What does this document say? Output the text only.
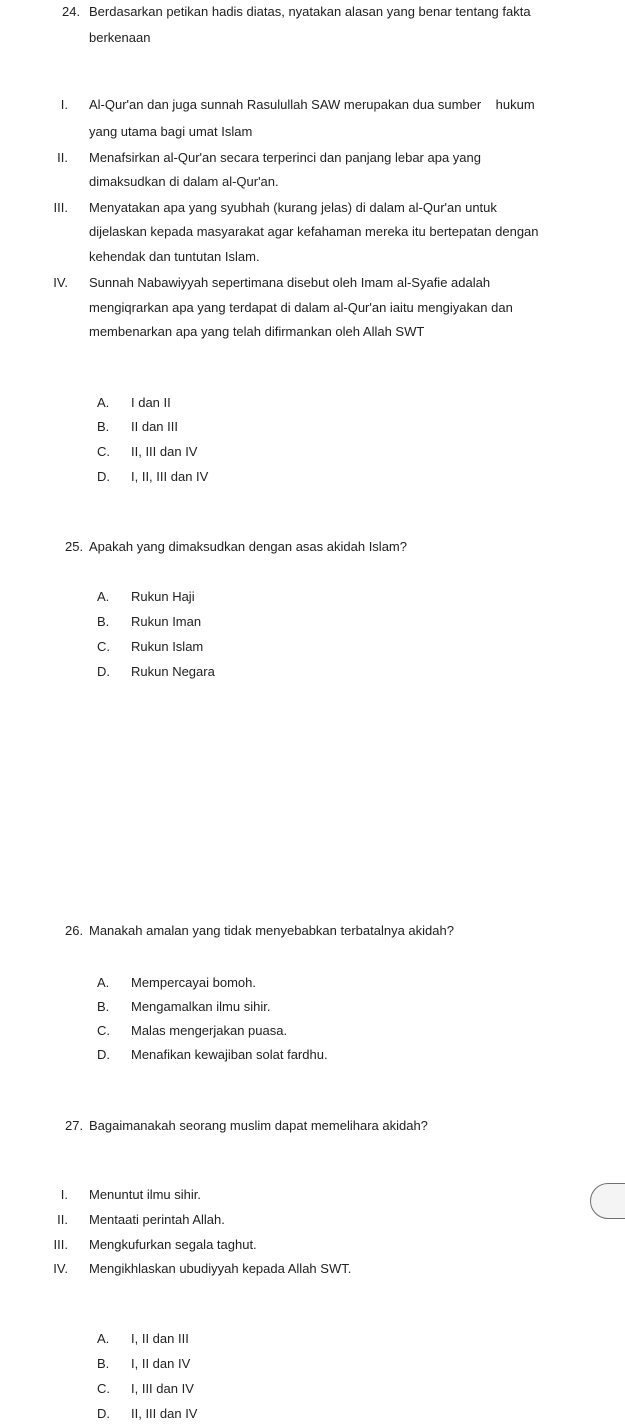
24. Berdasarkan petikan hadis diatas, nyatakan alasan yang benar tentang fakta
berkenaan
I. Al-Qur'an dan juga sunnah Rasulullah SAW merupakan dua sumber    hukum
yang utama bagi umat Islam
II. Menafsirkan al-Qur'an secara terperinci dan panjang lebar apa yang
dimaksudkan di dalam al-Qur'an.
III. Menyatakan apa yang syubhah (kurang jelas) di dalam al-Qur'an untuk
dijelaskan kepada masyarakat agar kefahaman mereka itu bertepatan dengan
kehendak dan tuntutan Islam.
IV. Sunnah Nabawiyyah sepertimana disebut oleh Imam al-Syafie adalah
mengiqrarkan apa yang terdapat di dalam al-Qur'an iaitu mengiyakan dan
membenarkan apa yang telah difirmankan oleh Allah SWT
A. I dan II
B. II dan III
C. II, III dan IV
D. I, II, III dan IV
25. Apakah yang dimaksudkan dengan asas akidah Islam?
A. Rukun Haji
B. Rukun Iman
C. Rukun Islam
D. Rukun Negara
26. Manakah amalan yang tidak menyebabkan terbatalnya akidah?
A. Mempercayai bomoh.
B. Mengamalkan ilmu sihir.
C. Malas mengerjakan puasa.
D. Menafikan kewajiban solat fardhu.
27. Bagaimanakah seorang muslim dapat memelihara akidah?
I. Menuntut ilmu sihir.
II. Mentaati perintah Allah.
III. Mengkufurkan segala taghut.
IV. Mengikhlaskan ubudiyyah kepada Allah SWT.
A. I, II dan III
B. I, II dan IV
C. I, III dan IV
D. II, III dan IV
